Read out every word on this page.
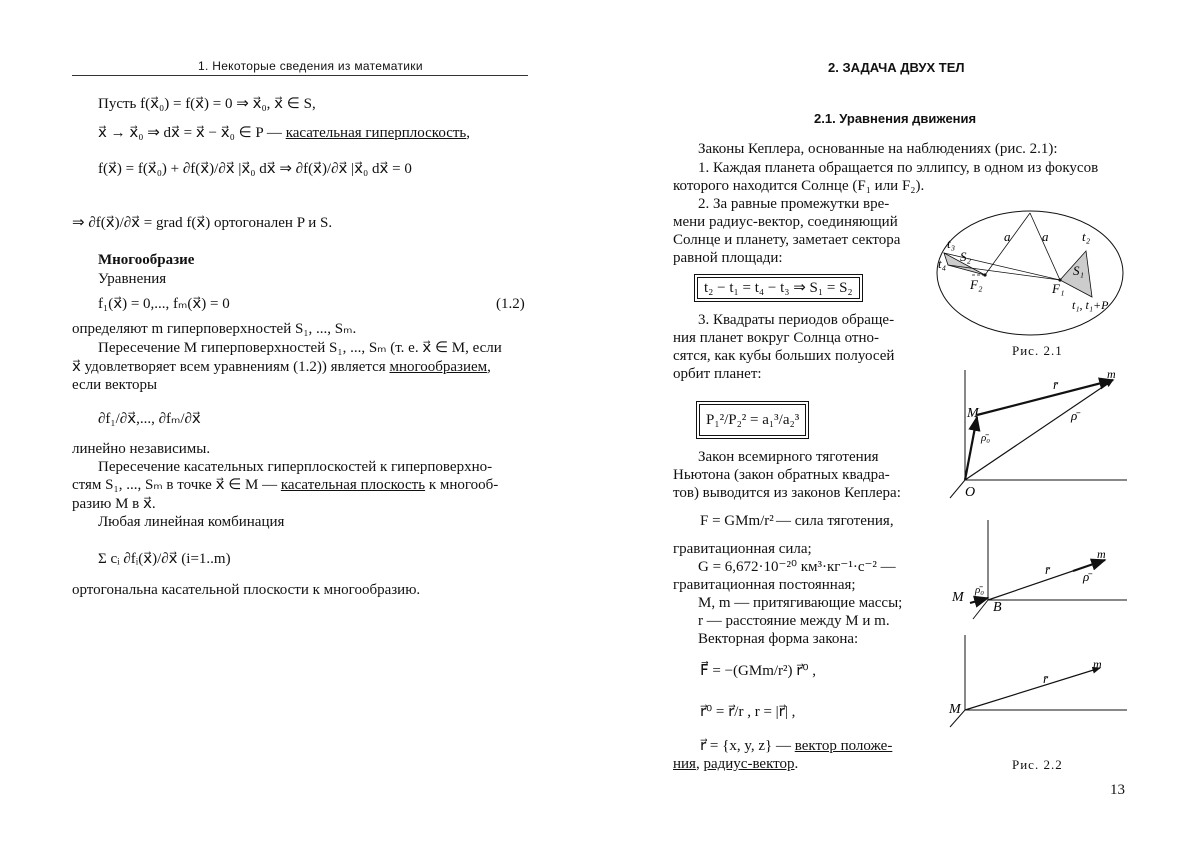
1. Некоторые сведения из математики
Пусть f(x⃗₀) = f(x⃗) = 0 ⇒ x⃗₀, x⃗ ∈ S,
x⃗ → x⃗₀ ⇒ dx⃗ = x⃗ − x⃗₀ ∈ P — касательная гиперплоскость,
f(x⃗) = f(x⃗₀) + ∂f(x⃗)/∂x⃗ |x⃗₀ dx⃗ ⇒ ∂f(x⃗)/∂x⃗ |x⃗₀ dx⃗ = 0
⇒ ∂f(x⃗)/∂x⃗ = grad f(x⃗) ортогонален P и S.
Многообразие
Уравнения
f₁(x⃗) = 0,..., fₘ(x⃗) = 0	(1.2)
определяют m гиперповерхностей S₁, ..., Sₘ.
Пересечение M гиперповерхностей S₁, ..., Sₘ (т. е. x⃗ ∈ M, если
x⃗ удовлетворяет всем уравнениям (1.2)) является многообразием,
если векторы
∂f₁/∂x⃗,..., ∂fₘ/∂x⃗
линейно независимы.
Пересечение касательных гиперплоскостей к гиперповерхно-
стям S₁, ..., Sₘ в точке x⃗ ∈ M — касательная плоскость к многооб-
разию M в x⃗.
Любая линейная комбинация
Σ cᵢ ∂fᵢ(x⃗)/∂x⃗ (i=1..m)
ортогональна касательной плоскости к многообразию.
2. ЗАДАЧА ДВУХ ТЕЛ
2.1. Уравнения движения
Законы Кеплера, основанные на наблюдениях (рис. 2.1):
1. Каждая планета обращается по эллипсу, в одном из фокусов
которого находится Солнце (F₁ или F₂).
2. За равные промежутки вре-
мени радиус-вектор, соединяющий
Солнце и планету, заметает сектора
равной площади:
t₂ − t₁ = t₄ − t₃ ⇒ S₁ = S₂
3. Квадраты периодов обраще-
ния планет вокруг Солнца отно-
сятся, как кубы больших полуосей
орбит планет:
P₁²/P₂² = a₁³/a₂³
Закон всемирного тяготения
Ньютона (закон обратных квадра-
тов) выводится из законов Кеплера:
F = GMm/r² — сила тяготения,
гравитационная сила;
G = 6,672·10⁻²⁰ км³·кг⁻¹·с⁻² —
гравитационная постоянная;
M, m — притягивающие массы;
r — расстояние между M и m.
Векторная форма закона:
F⃗ = −(GMm/r²) r⃗⁰ ,
r⃗⁰ = r⃗/r , r = |r⃗| ,
r⃗ = {x, y, z} — вектор положе-
ния, радиус-вектор.
a a
t₃
t₄ S₂
t₂
S₁
F₂	F₁
t₁, t₁+P
Рис. 2.1
M
r̄
m
ρ̄
ρ̄₀
O
r̄
m
ρ̄
M ρ̄₀
B
r̄
m
M
Рис. 2.2
13
